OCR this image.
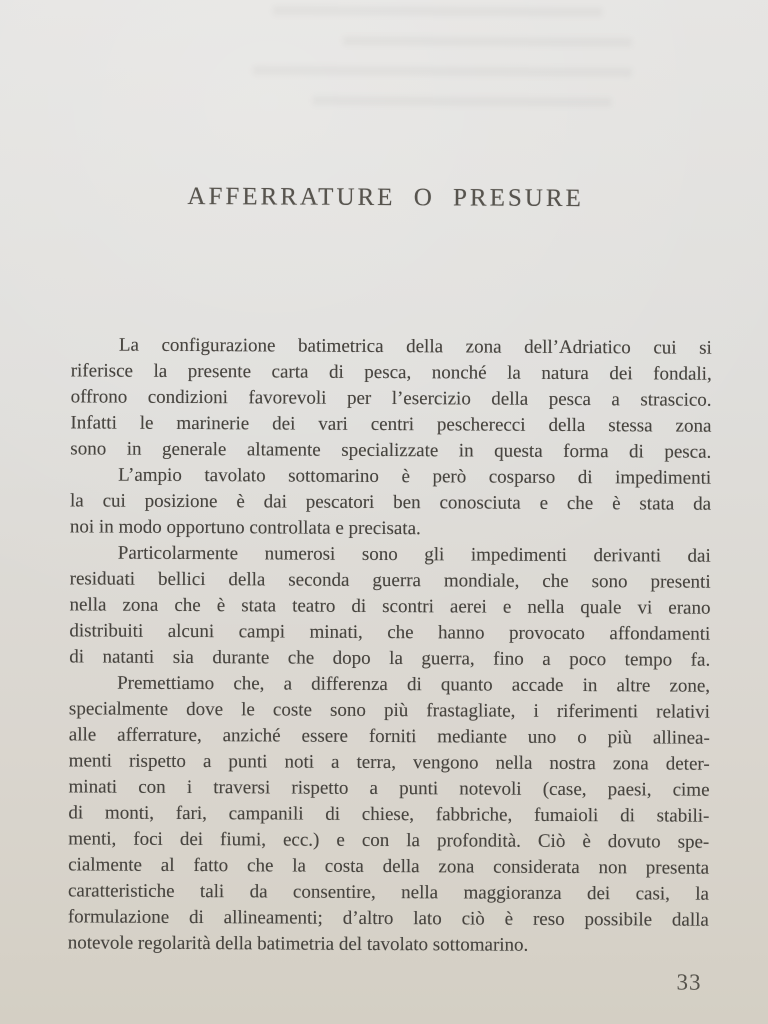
AFFERRATURE O PRESURE
La configurazione batimetrica della zona dell’Adriatico cui si
riferisce la presente carta di pesca, nonché la natura dei fondali,
offrono condizioni favorevoli per l’esercizio della pesca a strascico.
Infatti le marinerie dei vari centri pescherecci della stessa zona
sono in generale altamente specializzate in questa forma di pesca.
L’ampio tavolato sottomarino è però cosparso di impedimenti
la cui posizione è dai pescatori ben conosciuta e che è stata da
noi in modo opportuno controllata e precisata.
Particolarmente numerosi sono gli impedimenti derivanti dai
residuati bellici della seconda guerra mondiale, che sono presenti
nella zona che è stata teatro di scontri aerei e nella quale vi erano
distribuiti alcuni campi minati, che hanno provocato affondamenti
di natanti sia durante che dopo la guerra, fino a poco tempo fa.
Premettiamo che, a differenza di quanto accade in altre zone,
specialmente dove le coste sono più frastagliate, i riferimenti relativi
alle afferrature, anziché essere forniti mediante uno o più allinea-
menti rispetto a punti noti a terra, vengono nella nostra zona deter-
minati con i traversi rispetto a punti notevoli (case, paesi, cime
di monti, fari, campanili di chiese, fabbriche, fumaioli di stabili-
menti, foci dei fiumi, ecc.) e con la profondità. Ciò è dovuto spe-
cialmente al fatto che la costa della zona considerata non presenta
caratteristiche tali da consentire, nella maggioranza dei casi, la
formulazione di allineamenti; d’altro lato ciò è reso possibile dalla
notevole regolarità della batimetria del tavolato sottomarino.
33
